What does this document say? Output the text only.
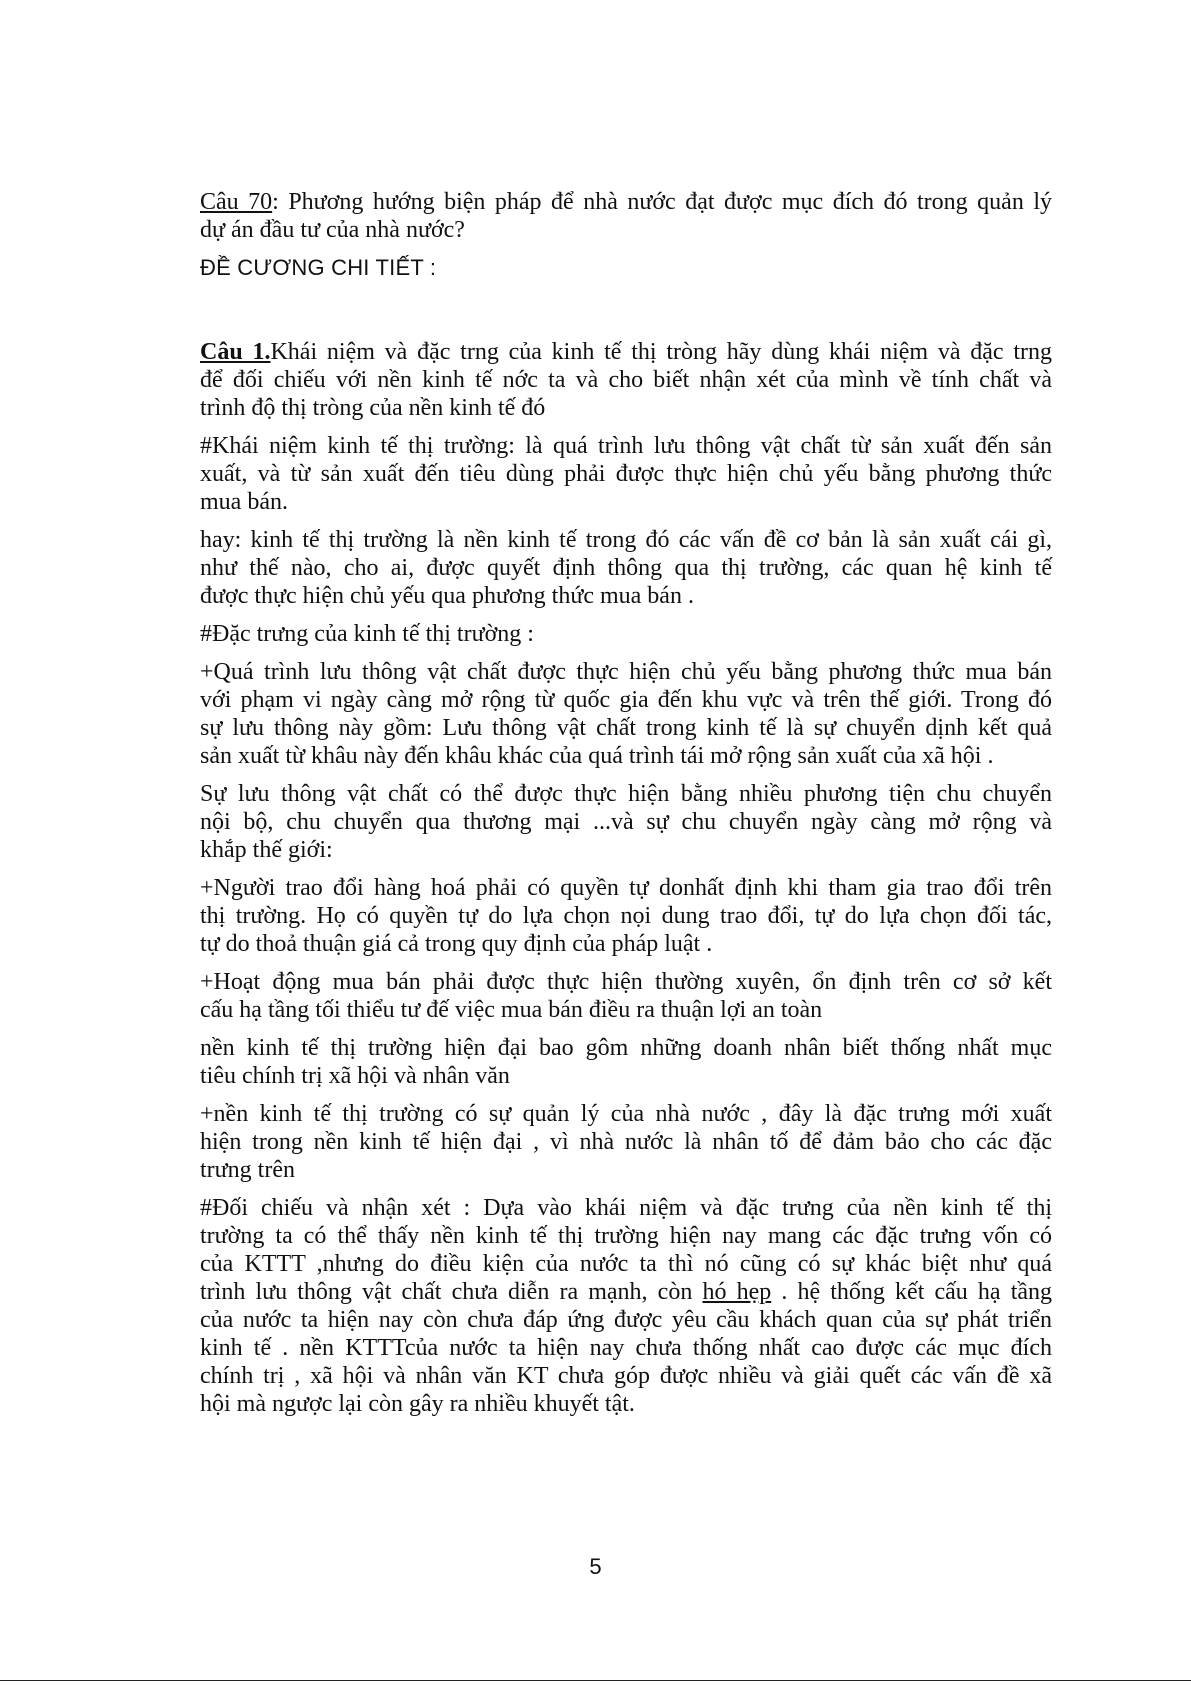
Câu 70: Phương hướng biện pháp để nhà nước đạt được mục đích đó trong quản lý
dự án đầu tư của nhà nước?
ĐỀ CƯƠNG CHI TIẾT :
Câu 1.Khái niệm và đặc trng của kinh tế thị tròng hãy dùng khái niệm và đặc trng
để đối chiếu với nền kinh tế nớc ta và cho biết nhận xét của mình về tính chất và
trình độ thị tròng của nền kinh tế đó
#Khái niệm kinh tế thị trường: là quá trình lưu thông vật chất từ sản xuất đến sản
xuất, và từ sản xuất đến tiêu dùng phải được thực hiện chủ yếu bằng phương thức
mua bán.
hay: kinh tế thị trường là nền kinh tế trong đó các vấn đề cơ bản là sản xuất cái gì,
như thế nào, cho ai, được quyết định thông qua thị trường, các quan hệ kinh tế
được thực hiện chủ yếu qua phương thức mua bán .
#Đặc trưng của kinh tế thị trường :
+Quá trình lưu thông vật chất được thực hiện chủ yếu bằng phương thức mua bán
với phạm vi ngày càng mở rộng từ quốc gia đến khu vực và trên thế giới. Trong đó
sự lưu thông này gồm: Lưu thông vật chất trong kinh tế là sự chuyển dịnh kết quả
sản xuất từ khâu này đến khâu khác của quá trình tái mở rộng sản xuất của xã hội .
Sự lưu thông vật chất có thể được thực hiện bằng nhiều phương tiện chu chuyển
nội bộ, chu chuyển qua thương mại ...và sự chu chuyển ngày càng mở rộng và
khắp thế giới:
+Người trao đổi hàng hoá phải có quyền tự donhất định khi tham gia trao đổi trên
thị trường. Họ có quyền tự do lựa chọn nọi dung trao đổi, tự do lựa chọn đối tác,
tự do thoả thuận giá cả trong quy định của pháp luật .
+Hoạt động mua bán phải được thực hiện thường xuyên, ổn định trên cơ sở kết
cấu hạ tầng tối thiểu tư đế việc mua bán điều ra thuận lợi an toàn
nền kinh tế thị trường hiện đại bao gôm những doanh nhân biết thống nhất mục
tiêu chính trị xã hội và nhân văn
+nền kinh tế thị trường có sự quản lý của nhà nước , đây là đặc trưng mới xuất
hiện trong nền kinh tế hiện đại , vì nhà nước là nhân tố để đảm bảo cho các đặc
trưng trên
#Đối chiếu và nhận xét : Dựa vào khái niệm và đặc trưng của nền kinh tế thị
trường ta có thể thấy nền kinh tế thị trường hiện nay mang các đặc trưng vốn có
của KTTT ,nhưng do điều kiện của nước ta thì nó cũng có sự khác biệt như quá
trình lưu thông vật chất chưa diễn ra mạnh, còn hó hẹp . hệ thống kết cấu hạ tầng
của nước ta hiện nay còn chưa đáp ứng được yêu cầu khách quan của sự phát triển
kinh tế . nền KTTTcủa nước ta hiện nay chưa thống nhất cao được các mục đích
chính trị , xã hội và nhân văn KT chưa góp được nhiều và giải quết các vấn đề xã
hội mà ngược lại còn gây ra nhiều khuyết tật.
5
